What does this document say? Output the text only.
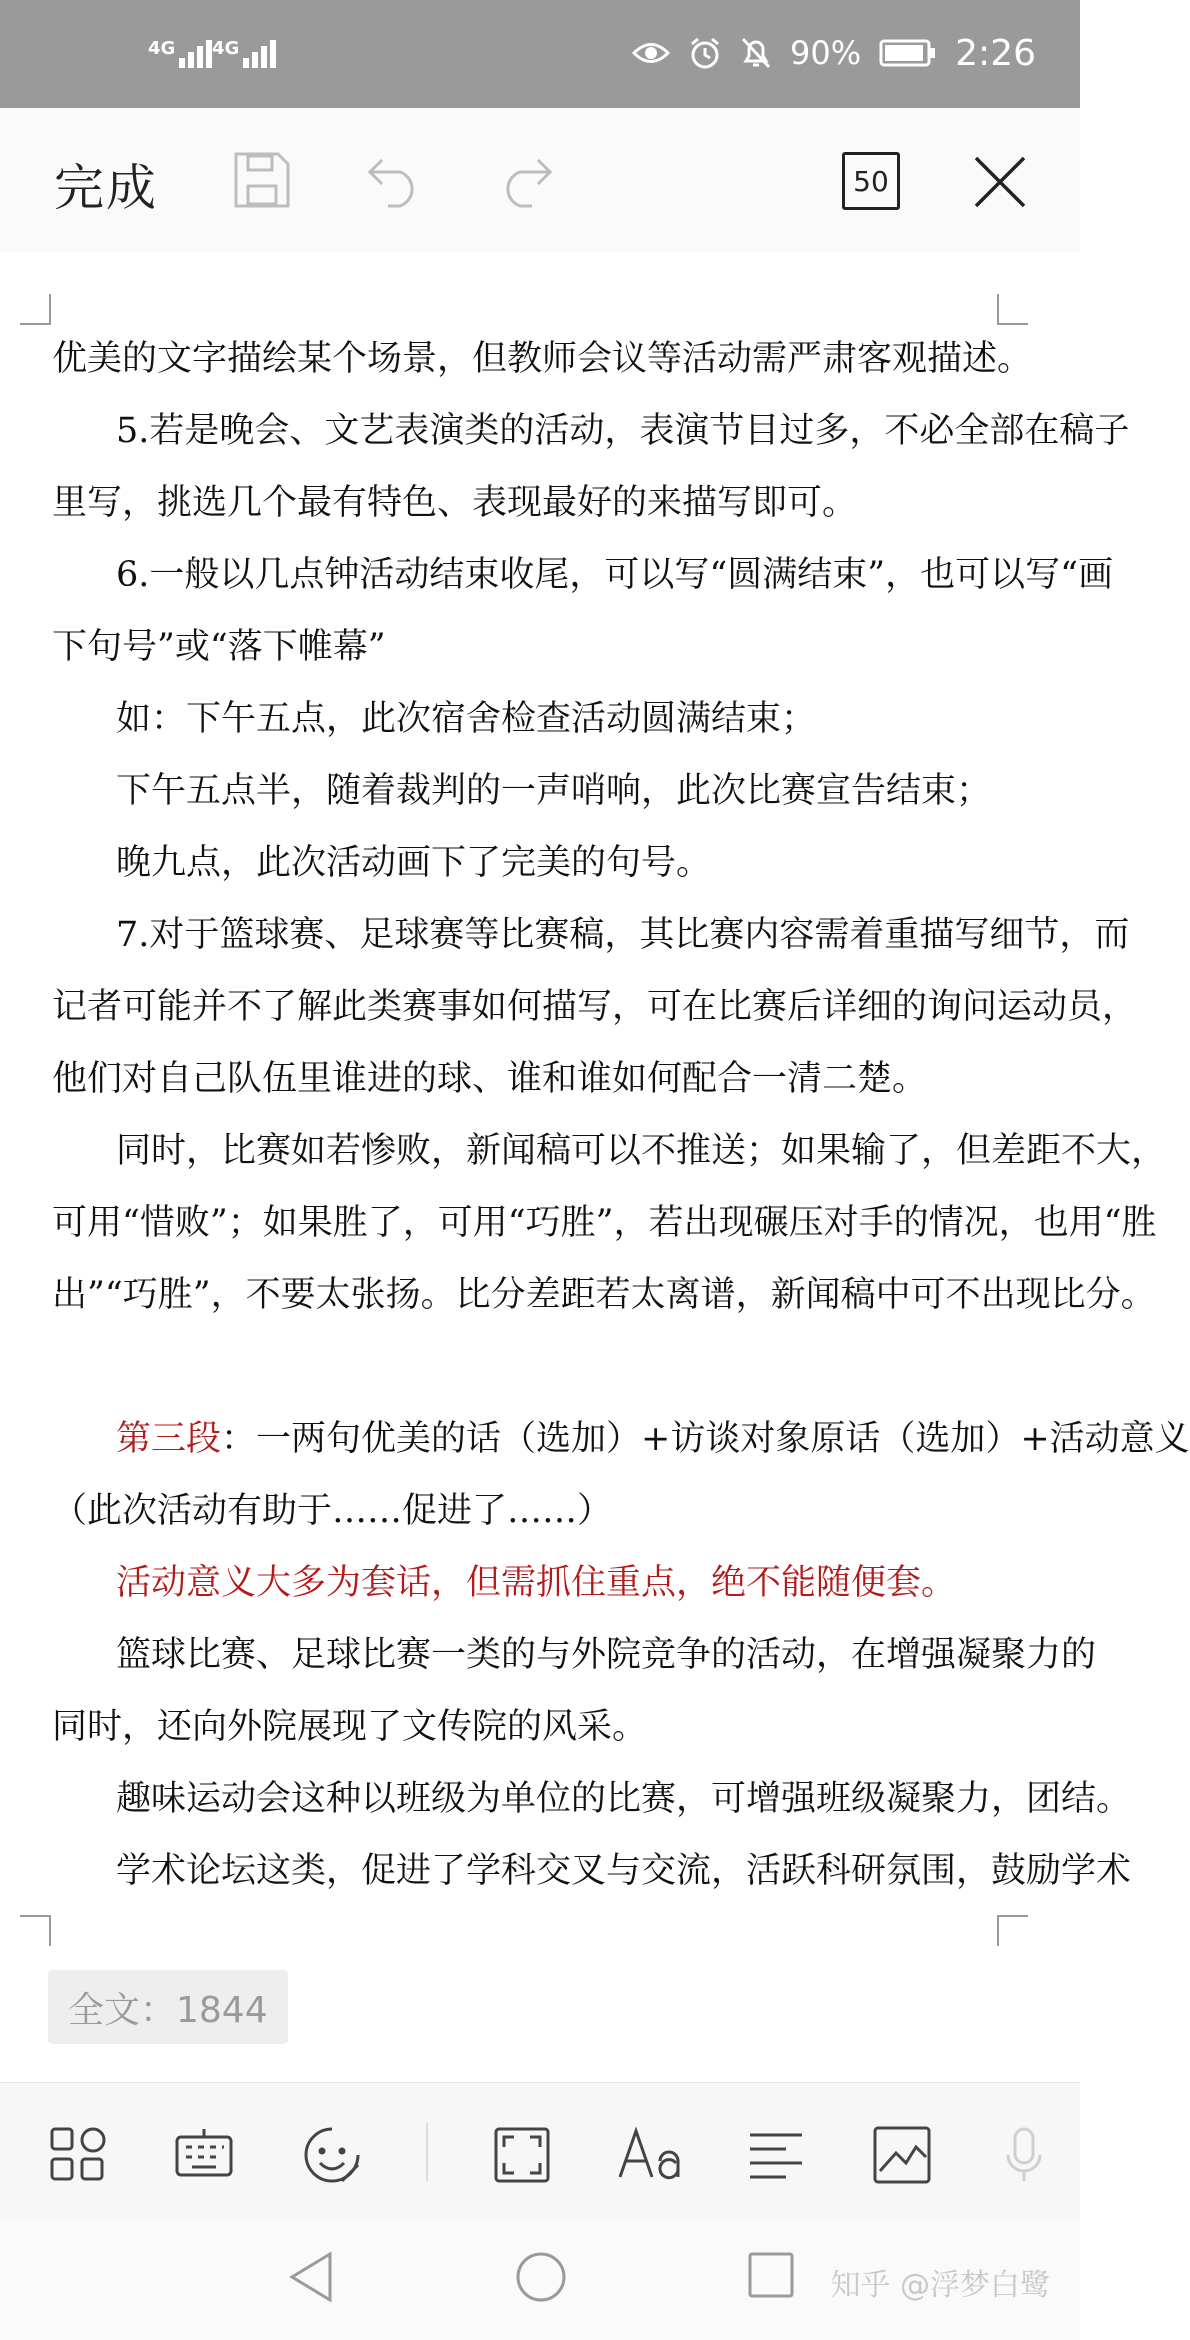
4G 4G	90%	2:26
完成	50
优美的文字描绘某个场景，但教师会议等活动需严肃客观描述。
5.若是晚会、文艺表演类的活动，表演节目过多，不必全部在稿子
里写，挑选几个最有特色、表现最好的来描写即可。
6.一般以几点钟活动结束收尾，可以写“圆满结束”，也可以写“画
下句号”或“落下帷幕”
如：下午五点，此次宿舍检查活动圆满结束；
下午五点半，随着裁判的一声哨响，此次比赛宣告结束；
晚九点，此次活动画下了完美的句号。
7.对于篮球赛、足球赛等比赛稿，其比赛内容需着重描写细节，而
记者可能并不了解此类赛事如何描写，可在比赛后详细的询问运动员，
他们对自己队伍里谁进的球、谁和谁如何配合一清二楚。
同时，比赛如若惨败，新闻稿可以不推送；如果输了，但差距不大，
可用“惜败”；如果胜了，可用“巧胜”，若出现碾压对手的情况，也用“胜
出”“巧胜”，不要太张扬。比分差距若太离谱，新闻稿中可不出现比分。
第三段：一两句优美的话（选加）+访谈对象原话（选加）+活动意义
（此次活动有助于……促进了……）
活动意义大多为套话，但需抓住重点，绝不能随便套。
篮球比赛、足球比赛一类的与外院竞争的活动，在增强凝聚力的
同时，还向外院展现了文传院的风采。
趣味运动会这种以班级为单位的比赛，可增强班级凝聚力，团结。
学术论坛这类，促进了学科交叉与交流，活跃科研氛围，鼓励学术
全文：1844
知乎 @浮梦白鹭
